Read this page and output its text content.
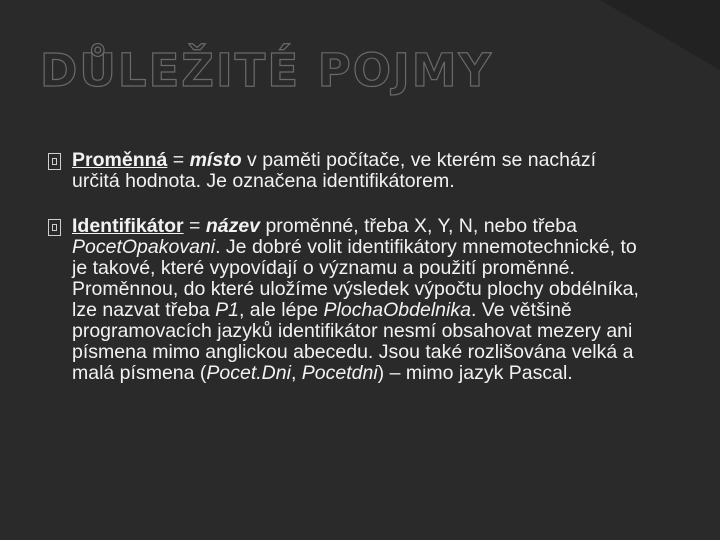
DŮLEŽITÉ POJMY
Proměnná = místo v paměti počítače, ve kterém se nachází určitá hodnota. Je označena identifikátorem.
Identifikátor = název proměnné, třeba X, Y, N, nebo třeba PocetOpakovani. Je dobré volit identifikátory mnemotechnické, to je takové, které vypovídají o významu a použití proměnné. Proměnnou, do které uložíme výsledek výpočtu plochy obdélníka, lze nazvat třeba P1, ale lépe PlochaObdelnika. Ve většině programovacích jazyků identifikátor nesmí obsahovat mezery ani písmena mimo anglickou abecedu. Jsou také rozlišována velká a malá písmena (Pocet.Dni, Pocetdni) – mimo jazyk Pascal.
